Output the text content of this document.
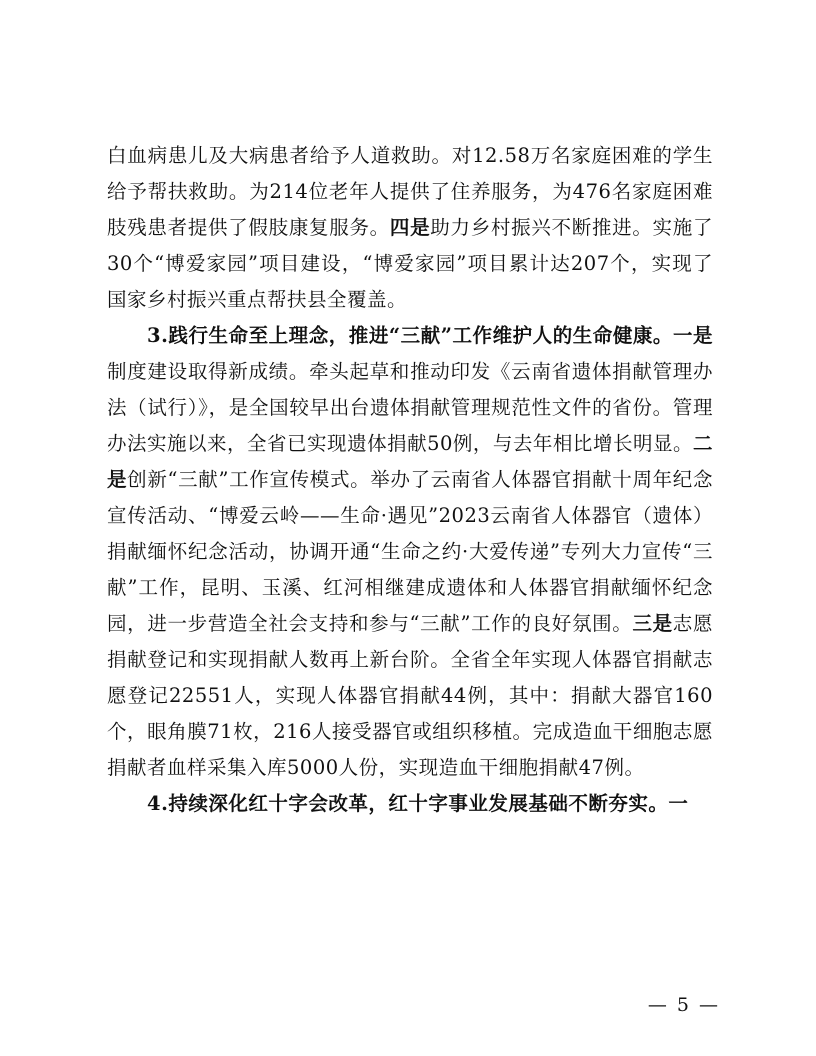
白血病患儿及大病患者给予人道救助。对12.58万名家庭困难的学生给予帮扶救助。为214位老年人提供了住养服务，为476名家庭困难肢残患者提供了假肢康复服务。四是助力乡村振兴不断推进。实施了30个“博爱家园”项目建设，“博爱家园”项目累计达207个，实现了国家乡村振兴重点帮扶县全覆盖。

3.践行生命至上理念，推进“三献”工作维护人的生命健康。一是制度建设取得新成绩。牵头起草和推动印发《云南省遗体捐献管理办法（试行）》，是全国较早出台遗体捐献管理规范性文件的省份。管理办法实施以来，全省已实现遗体捐献50例，与去年相比增长明显。二是创新“三献”工作宣传模式。举办了云南省人体器官捐献十周年纪念宣传活动、“博爱云岭——生命·遇见”2023云南省人体器官（遗体）捐献缅怀纪念活动，协调开通“生命之约·大爱传递”专列大力宣传“三献”工作，昆明、玉溪、红河相继建成遗体和人体器官捐献缅怀纪念园，进一步营造全社会支持和参与“三献”工作的良好氛围。三是志愿捐献登记和实现捐献人数再上新台阶。全省全年实现人体器官捐献志愿登记22551人，实现人体器官捐献44例，其中：捐献大器官160个，眼角膜71枚，216人接受器官或组织移植。完成造血干细胞志愿捐献者血样采集入库5000人份，实现造血干细胞捐献47例。

4.持续深化红十字会改革，红十字事业发展基础不断夯实。一

— 5 —
